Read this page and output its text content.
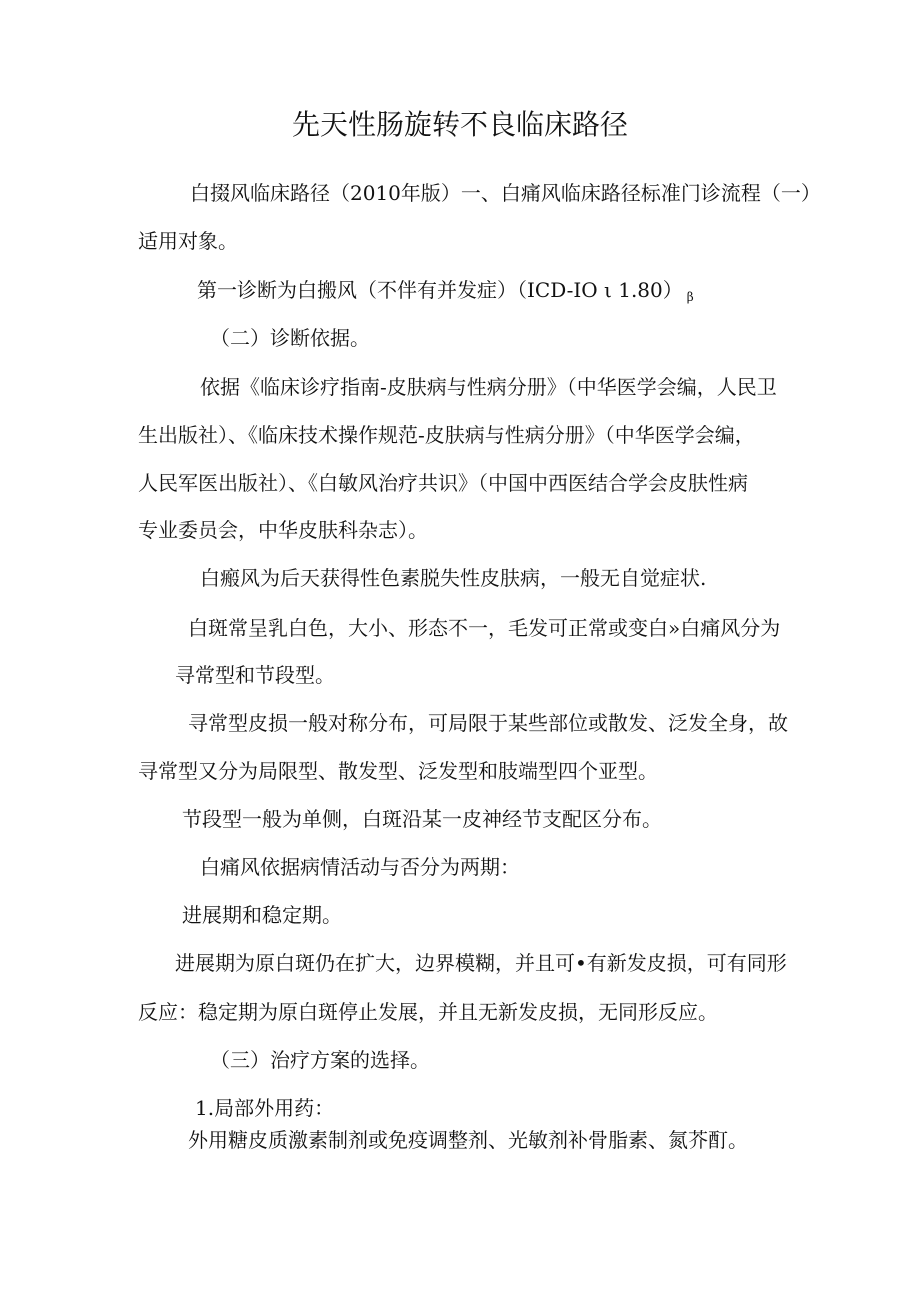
先天性肠旋转不良临床路径
白掇风临床路径（2010年版）一、白痛风临床路径标准门诊流程（一）
适用对象。
第一诊断为白搬风（不伴有并发症）（ICD-IO ι 1.80） $_\beta$
（二）诊断依据。
依据《临床诊疗指南-皮肤病与性病分册》（中华医学会编，人民卫
生出版社）、《临床技术操作规范-皮肤病与性病分册》（中华医学会编，
人民军医出版社）、《白敏风治疗共识》（中国中西医结合学会皮肤性病
专业委员会，中华皮肤科杂志）。
白瘢风为后天获得性色素脱失性皮肤病，一般无自觉症状.
白斑常呈乳白色，大小、形态不一，毛发可正常或变白»白痛风分为
寻常型和节段型。
寻常型皮损一般对称分布，可局限于某些部位或散发、泛发全身，故
寻常型又分为局限型、散发型、泛发型和肢端型四个亚型。
节段型一般为单侧，白斑沿某一皮神经节支配区分布。
白痛风依据病情活动与否分为两期：
进展期和稳定期。
进展期为原白斑仍在扩大，边界模糊，并且可•有新发皮损，可有同形
反应：稳定期为原白斑停止发展，并且无新发皮损，无同形反应。
（三）治疗方案的选择。
1.局部外用药：
外用糖皮质激素制剂或免疫调整剂、光敏剂补骨脂素、氮芥酊。
